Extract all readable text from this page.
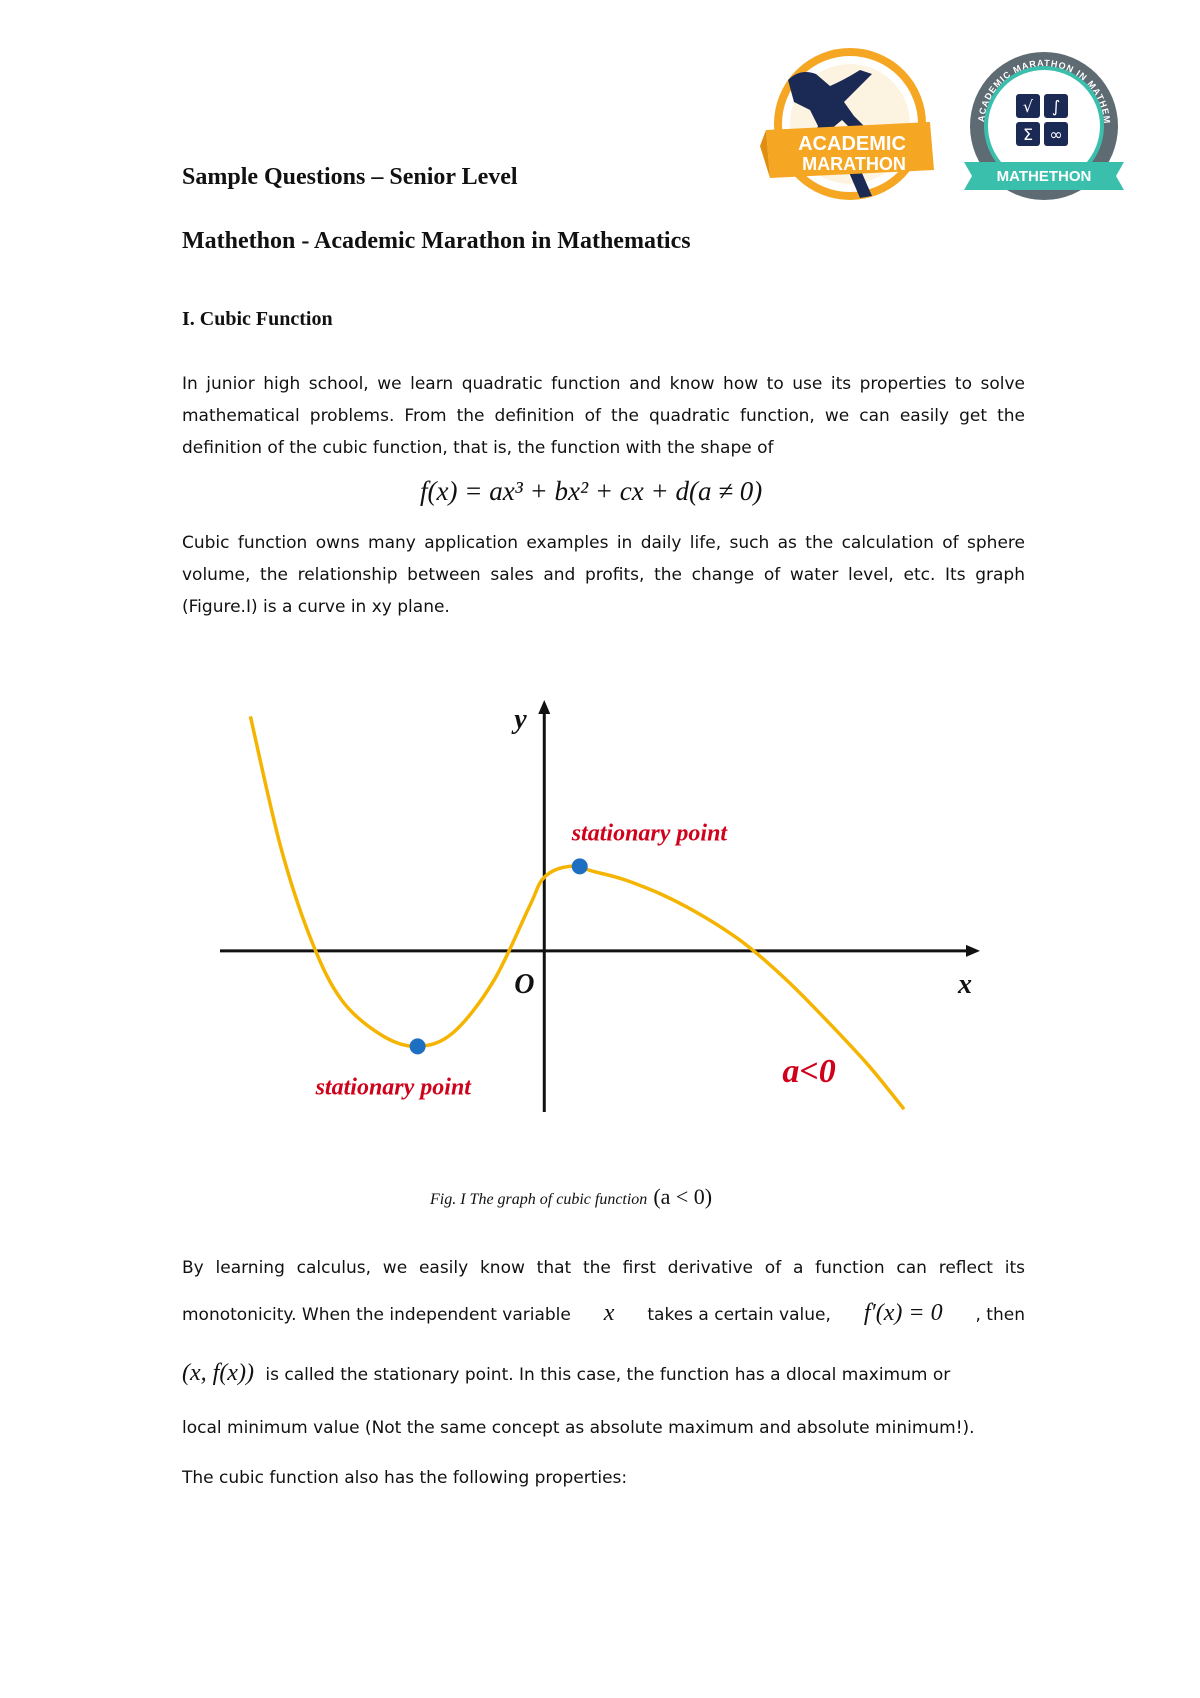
Sample Questions – Senior Level
Mathethon - Academic Marathon in Mathematics
ACADEMIC
MARATHON
ACADEMIC MARATHON IN MATHEM
√ ∫
Σ ∞
MATHETHON
I. Cubic Function

In junior high school, we learn quadratic function and know how to use its properties to solve mathematical problems. From the definition of the quadratic function, we can easily get the definition of the cubic function, that is, the function with the shape of

f(x) = ax³ + bx² + cx + d(a ≠ 0)

Cubic function owns many application examples in daily life, such as the calculation of sphere volume, the relationship between sales and profits, the change of water level, etc. Its graph (Figure.I) is a curve in xy plane.

x
y
O
stationary point
stationary point	a<0
Fig. I The graph of cubic function (a < 0)
By learning calculus, we easily know that the first derivative of a function can reflect its
monotonicity. When the independent variable x takes a certain value, f′(x) = 0 , then
(x, f(x)) is called the stationary point. In this case, the function has a dlocal maximum or
local minimum value (Not the same concept as absolute maximum and absolute minimum!).
The cubic function also has the following properties:
